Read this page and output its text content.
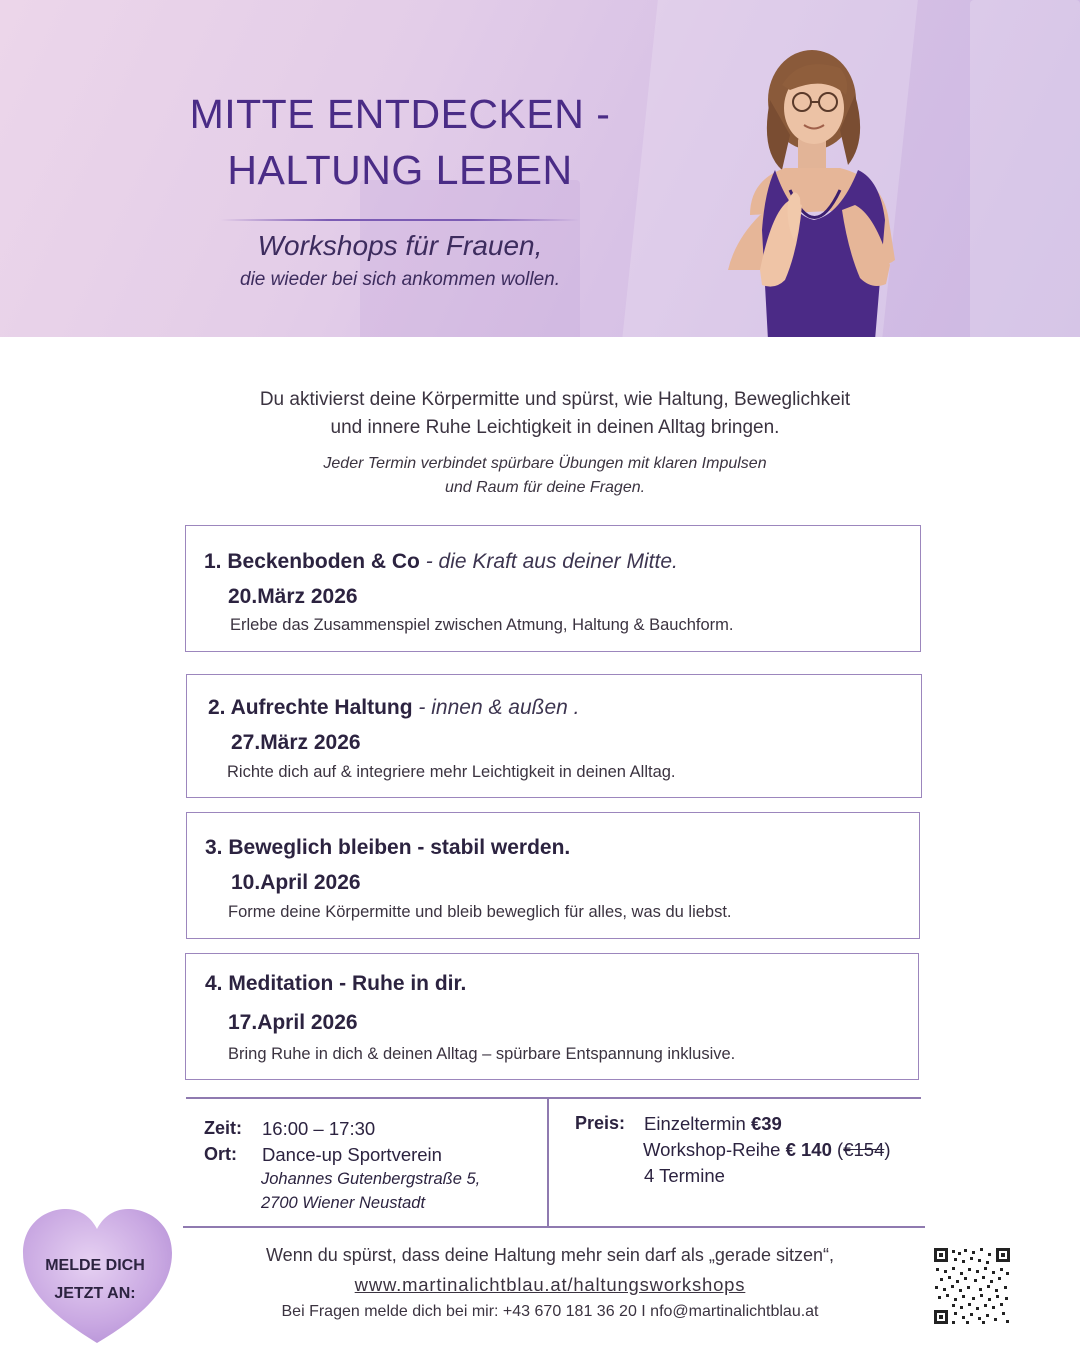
MITTE ENTDECKEN -
HALTUNG LEBEN
Workshops für Frauen,
die wieder bei sich ankommen wollen.
Du aktivierst deine Körpermitte und spürst, wie Haltung, Beweglichkeit
und innere Ruhe Leichtigkeit in deinen Alltag bringen.
Jeder Termin verbindet spürbare Übungen mit klaren Impulsen
und Raum für deine Fragen.
1. Beckenboden & Co - die Kraft aus deiner Mitte.
20.März 2026
Erlebe das Zusammenspiel zwischen Atmung, Haltung & Bauchform.
2. Aufrechte Haltung - innen & außen .
27.März 2026
Richte dich auf & integriere mehr Leichtigkeit in deinen Alltag.
3. Beweglich bleiben - stabil werden.
10.April 2026
Forme deine Körpermitte und bleib beweglich für alles, was du liebst.
4. Meditation - Ruhe in dir.
17.April 2026
Bring Ruhe in dich & deinen Alltag – spürbare Entspannung inklusive.
Zeit: 16:00 – 17:30
Ort: Dance-up Sportverein
Johannes Gutenbergstraße 5,
2700 Wiener Neustadt
Preis: Einzeltermin €39
Workshop-Reihe € 140 (€154)
4 Termine
MELDE DICH
JETZT AN:
Wenn du spürst, dass deine Haltung mehr sein darf als „gerade sitzen“,
www.martinalichtblau.at/haltungsworkshops
Bei Fragen melde dich bei mir: +43 670 181 36 20 I nfo@martinalichtblau.at
